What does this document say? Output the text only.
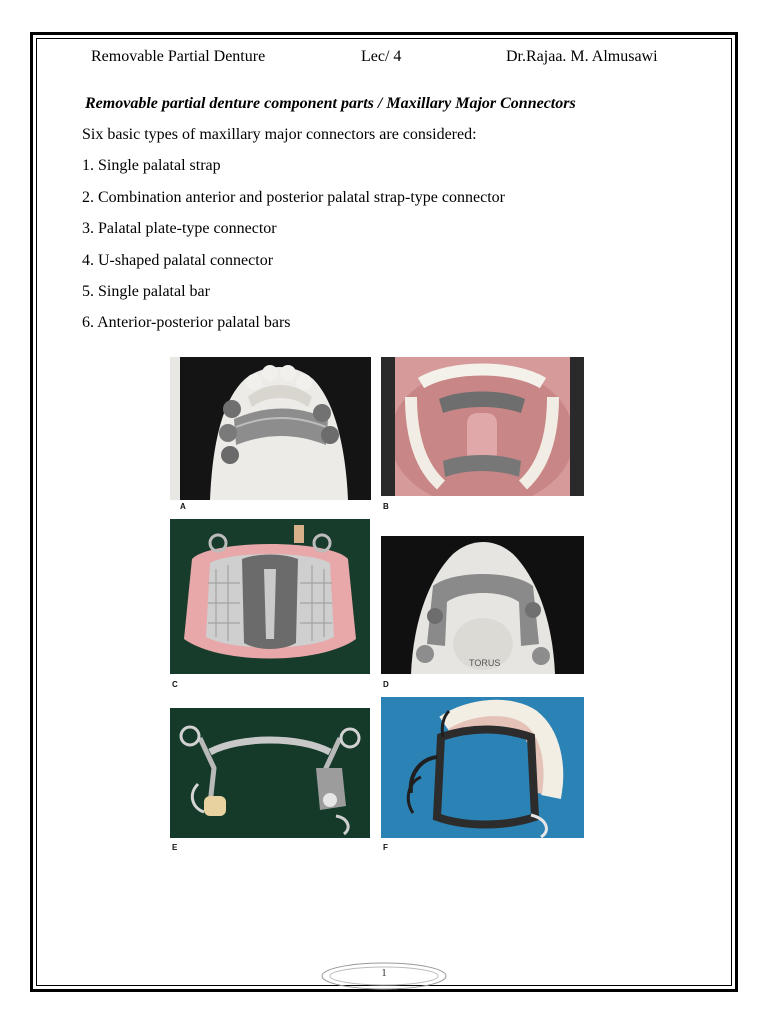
Removable Partial Denture	Lec/ 4	Dr.Rajaa. M. Almusawi
Removable partial denture component parts / Maxillary Major Connectors
Six basic types of maxillary major connectors are considered:
1. Single palatal strap
2. Combination anterior and posterior palatal strap-type connector
3. Palatal plate-type connector
4. U-shaped palatal connector
5. Single palatal bar
6. Anterior-posterior palatal bars
A	B
C
TORUS
D
E	F
1
